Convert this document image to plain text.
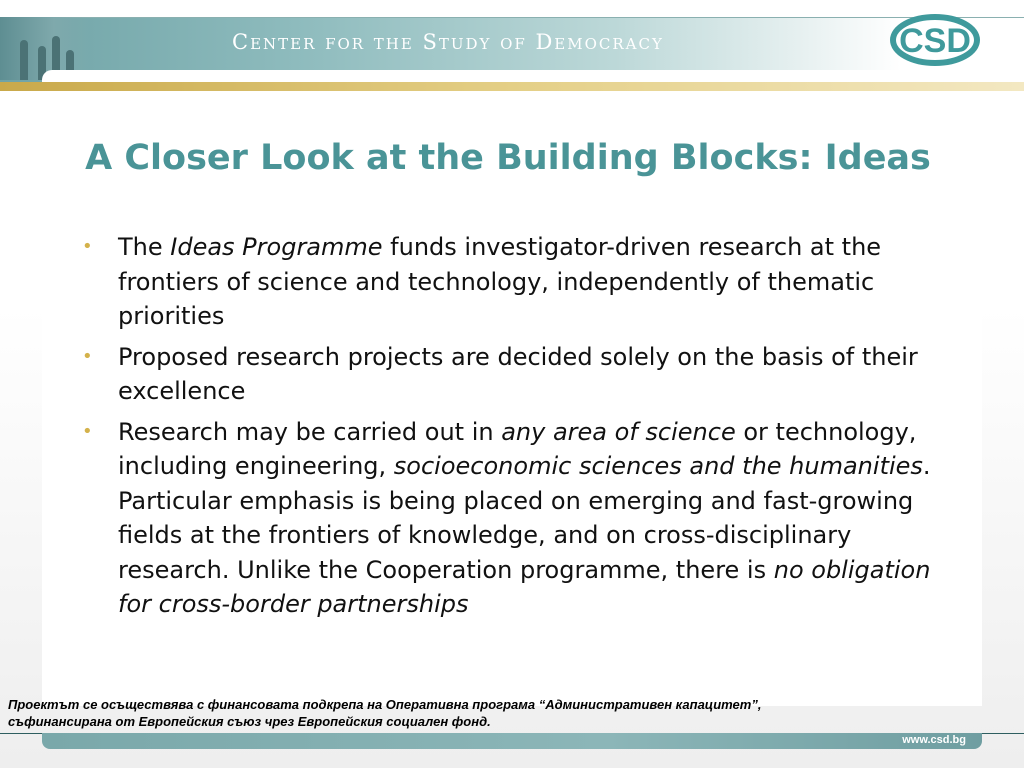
Center for the Study of Democracy	CSD
A Closer Look at the Building Blocks: Ideas
• The Ideas Programme funds investigator-driven research at the frontiers of science and technology, independently of thematic priorities
• Proposed research projects are decided solely on the basis of their excellence
• Research may be carried out in any area of science or technology, including engineering, socioeconomic sciences and the humanities. Particular emphasis is being placed on emerging and fast-growing fields at the frontiers of knowledge, and on cross-disciplinary research. Unlike the Cooperation programme, there is no obligation for cross-border partnerships
Проектът се осъществява с финансовата подкрепа на Оперативна програма “Административен капацитет”,
съфинансирана от Европейския съюз чрез Европейския социален фонд.
www.csd.bg
